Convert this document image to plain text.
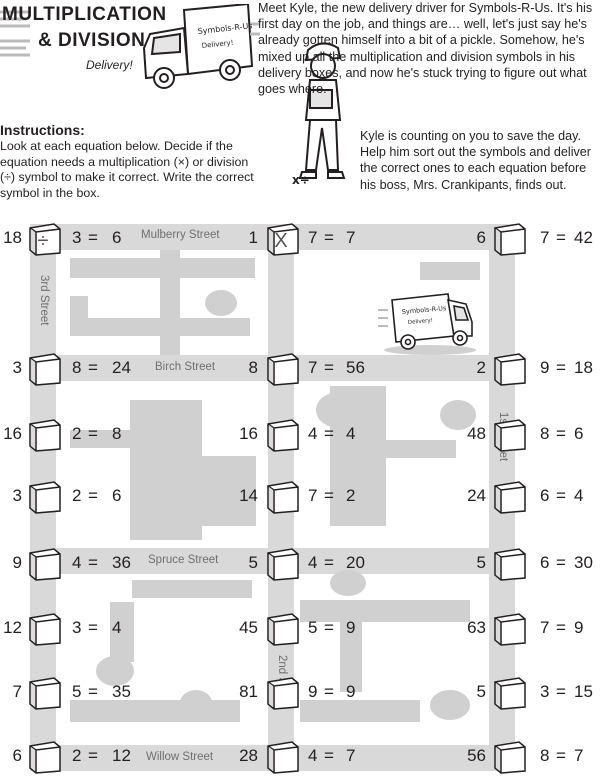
MULTIPLICATION
& DIVISION
Delivery!
Symbols-R-Us
Delivery!
x÷
Meet Kyle, the new delivery driver for Symbols-R-Us. It's his first day on the job, and things are… well, let's just say he's already gotten himself into a bit of a pickle. Somehow, he's mixed up all the multiplication and division symbols in his delivery boxes, and now he's stuck trying to figure out what goes where.
Kyle is counting on you to save the day. Help him sort out the symbols and deliver the correct ones to each equation before his boss, Mrs. Crankipants, finds out.
Instructions:
Look at each equation below. Decide if the equation needs a multiplication (×) or division (÷) symbol to make it correct. Write the correct symbol in the box.
Mulberry Street
Birch Street
Spruce Street
Willow Street
3rd Street	Symbols-R-Us
Delivery!
18 ÷	3 = 6
3	8 = 24
16	2 = 8
3	2 = 6
9	4 = 36
12	3 = 4
7	5 = 35
6	2 = 12
1 X	7 = 7
8	7 = 56
16	4 = 4
14	7 = 2
5	4 = 20
45	5 = 9
81	9 = 9
28	4 = 7
6	7 = 42
2	9 = 18
48	8 = 6
24	6 = 4
5	6 = 30
63	7 = 9
5	3 = 15
56	8 = 7
